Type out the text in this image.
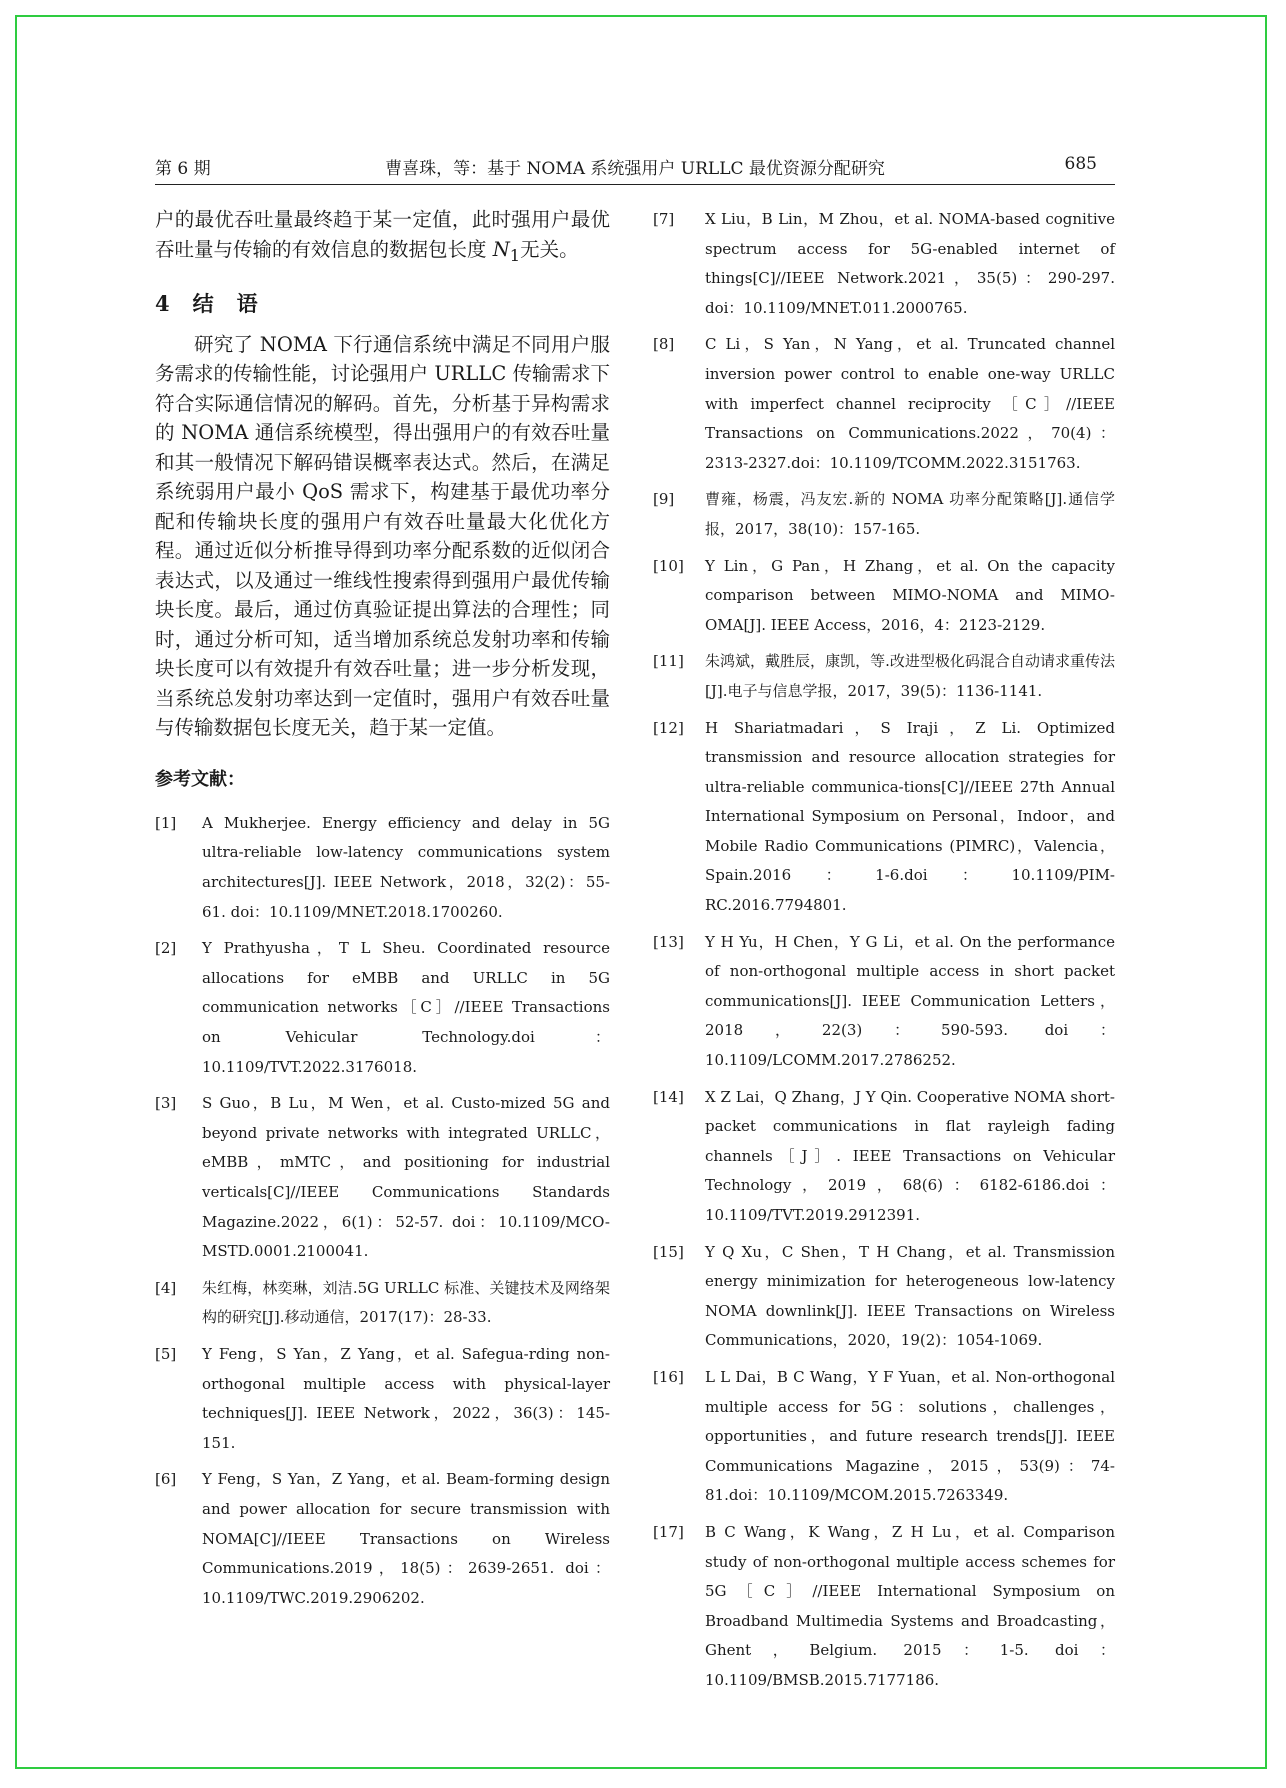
第 6 期	曹喜珠，等：基于 NOMA 系统强用户 URLLC 最优资源分配研究	685

户的最优吞吐量最终趋于某一定值，此时强用户最优吞吐量与传输的有效信息的数据包长度 $N_1$无关。

4 结　语

研究了 NOMA 下行通信系统中满足不同用户服务需求的传输性能，讨论强用户 URLLC 传输需求下符合实际通信情况的解码。首先，分析基于异构需求的 NOMA 通信系统模型，得出强用户的有效吞吐量和其一般情况下解码错误概率表达式。然后，在满足系统弱用户最小 QoS 需求下，构建基于最优功率分配和传输块长度的强用户有效吞吐量最大化优化方程。通过近似分析推导得到功率分配系数的近似闭合表达式，以及通过一维线性搜索得到强用户最优传输块长度。最后，通过仿真验证提出算法的合理性；同时，通过分析可知，适当增加系统总发射功率和传输块长度可以有效提升有效吞吐量；进一步分析发现，当系统总发射功率达到一定值时，强用户有效吞吐量与传输数据包长度无关，趋于某一定值。

参考文献：
[1] A Mukherjee. Energy efficiency and delay in 5G ultra-reliable low-latency communications system architectures[J]. IEEE Network，2018，32(2)：55-61. doi：10.1109/MNET.2018.1700260.
[2] Y Prathyusha，T L Sheu. Coordinated resource allocations for eMBB and URLLC in 5G communication networks［C］//IEEE Transactions on Vehicular Technology.doi：10.1109/TVT.2022.3176018.
[3] S Guo，B Lu，M Wen，et al. Custo-mized 5G and beyond private networks with integrated URLLC，eMBB，mMTC，and positioning for industrial verticals[C]//IEEE Communications Standards Magazine.2022，6(1)：52-57. doi：10.1109/MCO-MSTD.0001.2100041.
[4] 朱红梅，林奕琳，刘洁.5G URLLC 标准、关键技术及网络架构的研究[J].移动通信，2017(17)：28-33.
[5] Y Feng，S Yan，Z Yang，et al. Safegua-rding non-orthogonal multiple access with physical-layer techniques[J]. IEEE Network，2022，36(3)：145-151.
[6] Y Feng，S Yan，Z Yang，et al. Beam-forming design and power allocation for secure transmission with NOMA[C]//IEEE Transactions on Wireless Communications.2019，18(5)：2639-2651. doi：10.1109/TWC.2019.2906202.
[7] X Liu，B Lin，M Zhou，et al. NOMA-based cognitive spectrum access for 5G-enabled internet of things[C]//IEEE Network.2021，35(5)：290-297. doi：10.1109/MNET.011.2000765.
[8] C Li，S Yan，N Yang，et al. Truncated channel inversion power control to enable one-way URLLC with imperfect channel reciprocity ［C］//IEEE Transactions on Communications.2022，70(4)：2313-2327.doi：10.1109/TCOMM.2022.3151763.
[9] 曹雍，杨震，冯友宏.新的 NOMA 功率分配策略[J].通信学报，2017，38(10)：157-165.
[10] Y Lin，G Pan，H Zhang，et al. On the capacity comparison between MIMO-NOMA and MIMO-OMA[J]. IEEE Access，2016，4：2123-2129.
[11] 朱鸿斌，戴胜辰，康凯，等.改进型极化码混合自动请求重传法[J].电子与信息学报，2017，39(5)：1136-1141.
[12] H Shariatmadari，S Iraji，Z Li. Optimized transmission and resource allocation strategies for ultra-reliable communica-tions[C]//IEEE 27th Annual International Symposium on Personal，Indoor，and Mobile Radio Communications (PIMRC)，Valencia，Spain.2016：1-6.doi：10.1109/PIM-RC.2016.7794801.
[13] Y H Yu，H Chen，Y G Li，et al. On the performance of non-orthogonal multiple access in short packet communications[J]. IEEE Communication Letters，2018，22(3)：590-593. doi：10.1109/LCOMM.2017.2786252.
[14] X Z Lai，Q Zhang，J Y Qin. Cooperative NOMA short-packet communications in flat rayleigh fading channels［J］. IEEE Transactions on Vehicular Technology，2019，68(6)：6182-6186.doi：10.1109/TVT.2019.2912391.
[15] Y Q Xu，C Shen，T H Chang，et al. Transmission energy minimization for heterogeneous low-latency NOMA downlink[J]. IEEE Transactions on Wireless Communications，2020，19(2)：1054-1069.
[16] L L Dai，B C Wang，Y F Yuan，et al. Non-orthogonal multiple access for 5G：solutions，challenges，opportunities，and future research trends[J]. IEEE Communications Magazine，2015，53(9)：74-81.doi：10.1109/MCOM.2015.7263349.
[17] B C Wang，K Wang，Z H Lu，et al. Comparison study of non-orthogonal multiple access schemes for 5G［C］//IEEE International Symposium on Broadband Multimedia Systems and Broadcasting，Ghent，Belgium. 2015：1-5. doi：10.1109/BMSB.2015.7177186.
